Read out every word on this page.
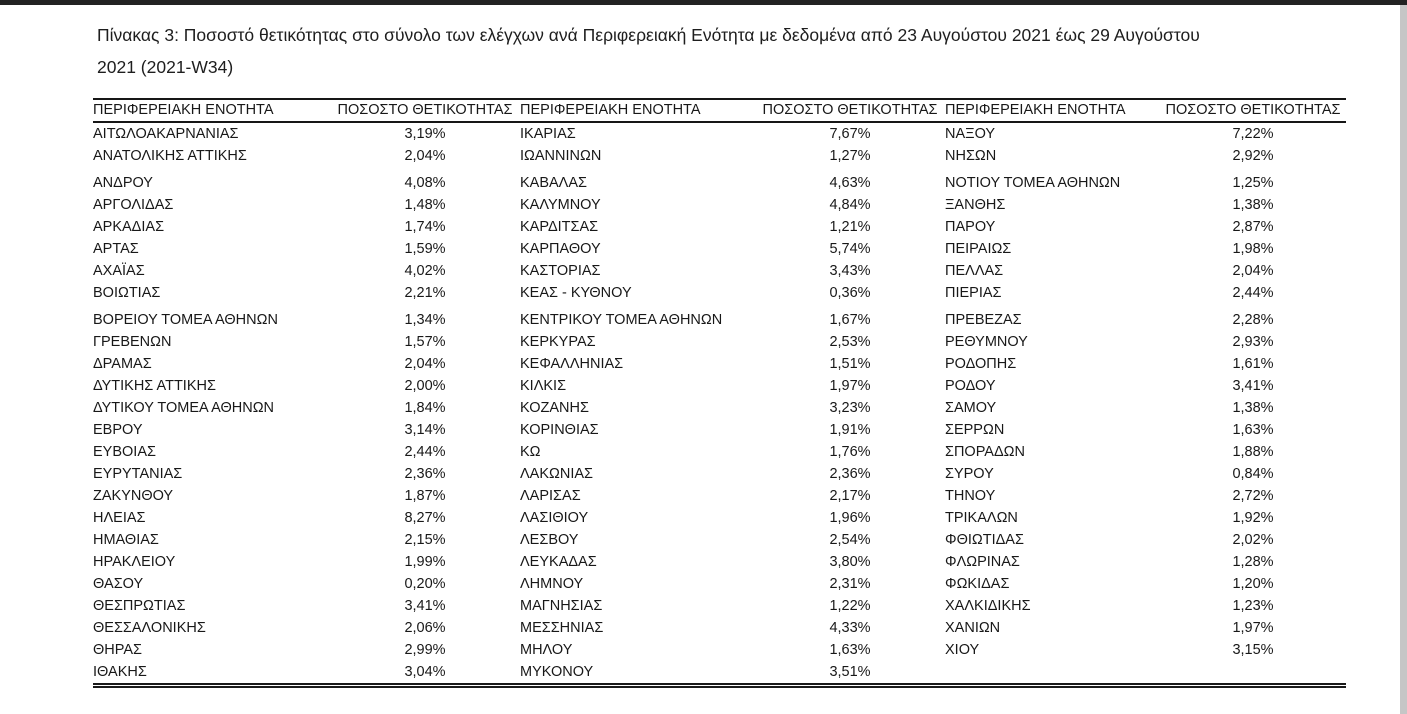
Πίνακας 3: Ποσοστό θετικότητας στο σύνολο των ελέγχων ανά Περιφερειακή Ενότητα με δεδομένα από 23 Αυγούστου 2021 έως 29 Αυγούστου
2021 (2021-W34)
ΠΕΡΙΦΕΡΕΙΑΚΗ ΕΝΟΤΗΤΑ	ΠΟΣΟΣΤΟ ΘΕΤΙΚΟΤΗΤΑΣ	ΠΕΡΙΦΕΡΕΙΑΚΗ ΕΝΟΤΗΤΑ	ΠΟΣΟΣΤΟ ΘΕΤΙΚΟΤΗΤΑΣ	ΠΕΡΙΦΕΡΕΙΑΚΗ ΕΝΟΤΗΤΑ	ΠΟΣΟΣΤΟ ΘΕΤΙΚΟΤΗΤΑΣ
ΑΙΤΩΛΟΑΚΑΡΝΑΝΙΑΣ	3,19%	ΙΚΑΡΙΑΣ	7,67%	ΝΑΞΟΥ	7,22%
ΑΝΑΤΟΛΙΚΗΣ ΑΤΤΙΚΗΣ	2,04%	ΙΩΑΝΝΙΝΩΝ	1,27%	ΝΗΣΩΝ	2,92%
ΑΝΔΡΟΥ	4,08%	ΚΑΒΑΛΑΣ	4,63%	ΝΟΤΙΟΥ ΤΟΜΕΑ ΑΘΗΝΩΝ	1,25%
ΑΡΓΟΛΙΔΑΣ	1,48%	ΚΑΛΥΜΝΟΥ	4,84%	ΞΑΝΘΗΣ	1,38%
ΑΡΚΑΔΙΑΣ	1,74%	ΚΑΡΔΙΤΣΑΣ	1,21%	ΠΑΡΟΥ	2,87%
ΑΡΤΑΣ	1,59%	ΚΑΡΠΑΘΟΥ	5,74%	ΠΕΙΡΑΙΩΣ	1,98%
ΑΧΑΪΑΣ	4,02%	ΚΑΣΤΟΡΙΑΣ	3,43%	ΠΕΛΛΑΣ	2,04%
ΒΟΙΩΤΙΑΣ	2,21%	ΚΕΑΣ - ΚΥΘΝΟΥ	0,36%	ΠΙΕΡΙΑΣ	2,44%
ΒΟΡΕΙΟΥ ΤΟΜΕΑ ΑΘΗΝΩΝ	1,34%	ΚΕΝΤΡΙΚΟΥ ΤΟΜΕΑ ΑΘΗΝΩΝ	1,67%	ΠΡΕΒΕΖΑΣ	2,28%
ΓΡΕΒΕΝΩΝ	1,57%	ΚΕΡΚΥΡΑΣ	2,53%	ΡΕΘΥΜΝΟΥ	2,93%
ΔΡΑΜΑΣ	2,04%	ΚΕΦΑΛΛΗΝΙΑΣ	1,51%	ΡΟΔΟΠΗΣ	1,61%
ΔΥΤΙΚΗΣ ΑΤΤΙΚΗΣ	2,00%	ΚΙΛΚΙΣ	1,97%	ΡΟΔΟΥ	3,41%
ΔΥΤΙΚΟΥ ΤΟΜΕΑ ΑΘΗΝΩΝ	1,84%	ΚΟΖΑΝΗΣ	3,23%	ΣΑΜΟΥ	1,38%
ΕΒΡΟΥ	3,14%	ΚΟΡΙΝΘΙΑΣ	1,91%	ΣΕΡΡΩΝ	1,63%
ΕΥΒΟΙΑΣ	2,44%	ΚΩ	1,76%	ΣΠΟΡΑΔΩΝ	1,88%
ΕΥΡΥΤΑΝΙΑΣ	2,36%	ΛΑΚΩΝΙΑΣ	2,36%	ΣΥΡΟΥ	0,84%
ΖΑΚΥΝΘΟΥ	1,87%	ΛΑΡΙΣΑΣ	2,17%	ΤΗΝΟΥ	2,72%
ΗΛΕΙΑΣ	8,27%	ΛΑΣΙΘΙΟΥ	1,96%	ΤΡΙΚΑΛΩΝ	1,92%
ΗΜΑΘΙΑΣ	2,15%	ΛΕΣΒΟΥ	2,54%	ΦΘΙΩΤΙΔΑΣ	2,02%
ΗΡΑΚΛΕΙΟΥ	1,99%	ΛΕΥΚΑΔΑΣ	3,80%	ΦΛΩΡΙΝΑΣ	1,28%
ΘΑΣΟΥ	0,20%	ΛΗΜΝΟΥ	2,31%	ΦΩΚΙΔΑΣ	1,20%
ΘΕΣΠΡΩΤΙΑΣ	3,41%	ΜΑΓΝΗΣΙΑΣ	1,22%	ΧΑΛΚΙΔΙΚΗΣ	1,23%
ΘΕΣΣΑΛΟΝΙΚΗΣ	2,06%	ΜΕΣΣΗΝΙΑΣ	4,33%	ΧΑΝΙΩΝ	1,97%
ΘΗΡΑΣ	2,99%	ΜΗΛΟΥ	1,63%	ΧΙΟΥ	3,15%
ΙΘΑΚΗΣ	3,04%	ΜΥΚΟΝΟΥ	3,51%		
